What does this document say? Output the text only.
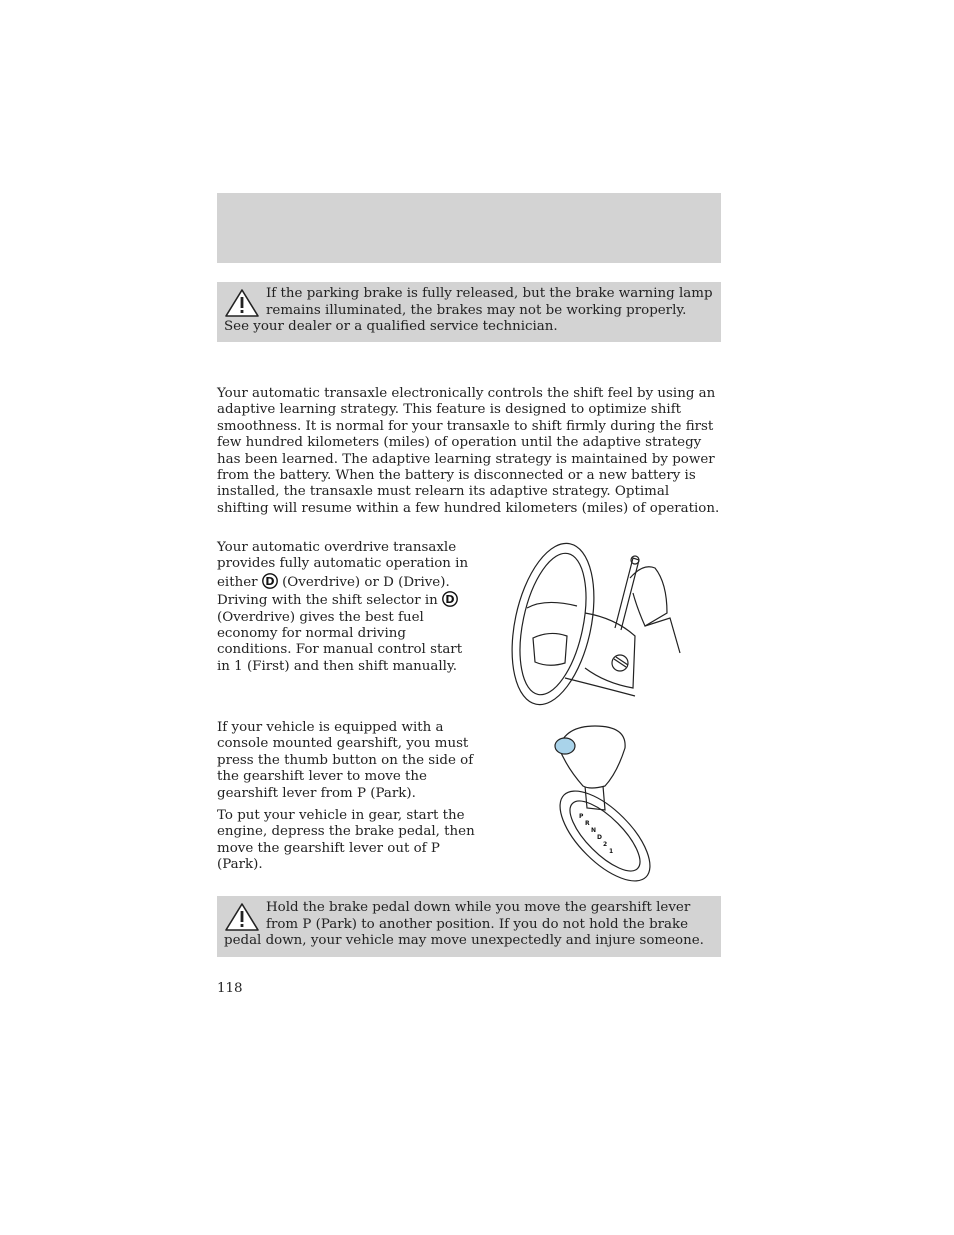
If the parking brake is fully released, but the brake warning lamp remains illuminated, the brakes may not be working properly. See your dealer or a qualified service technician.

Your automatic transaxle electronically controls the shift feel by using an adaptive learning strategy. This feature is designed to optimize shift smoothness. It is normal for your transaxle to shift firmly during the first few hundred kilometers (miles) of operation until the adaptive strategy has been learned. The adaptive learning strategy is maintained by power from the battery. When the battery is disconnected or a new battery is installed, the transaxle must relearn its adaptive strategy. Optimal shifting will resume within a few hundred kilometers (miles) of operation.

Your automatic overdrive transaxle provides fully automatic operation in either D (Overdrive) or D (Drive). Driving with the shift selector in D
(Overdrive) gives the best fuel economy for normal driving conditions. For manual control start in 1 (First) and then shift manually.

If your vehicle is equipped with a console mounted gearshift, you must press the thumb button on the side of the gearshift lever to move the gearshift lever from P (Park).

To put your vehicle in gear, start the engine, depress the brake pedal, then move the gearshift lever out of P (Park).

P
R
N
D
2
1
Hold the brake pedal down while you move the gearshift lever from P (Park) to another position. If you do not hold the brake pedal down, your vehicle may move unexpectedly and injure someone.
118
